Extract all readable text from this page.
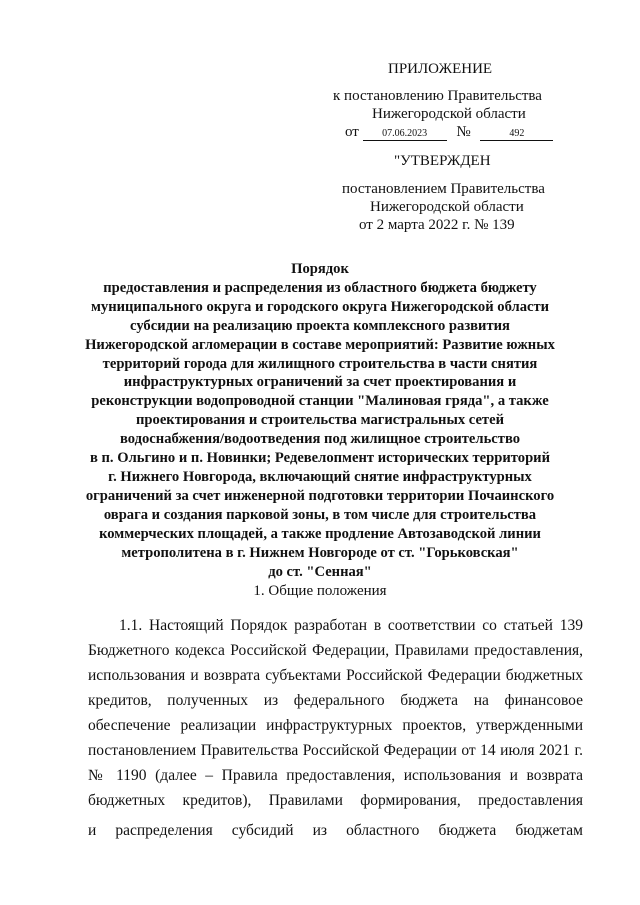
ПРИЛОЖЕНИЕ
к постановлению Правительства
Нижегородской области
от 07.06.2023 №	492
"УТВЕРЖДЕН
постановлением Правительства
Нижегородской области
от 2 марта 2022 г. № 139
Порядок
предоставления и распределения из областного бюджета бюджету
муниципального округа и городского округа Нижегородской области
субсидии на реализацию проекта комплексного развития
Нижегородской агломерации в составе мероприятий: Развитие южных
территорий города для жилищного строительства в части снятия
инфраструктурных ограничений за счет проектирования и
реконструкции водопроводной станции "Малиновая гряда", а также
проектирования и строительства магистральных сетей
водоснабжения/водоотведения под жилищное строительство
в п. Ольгино и п. Новинки; Редевелопмент исторических территорий
г. Нижнего Новгорода, включающий снятие инфраструктурных
ограничений за счет инженерной подготовки территории Почаинского
оврага и создания парковой зоны, в том числе для строительства
коммерческих площадей, а также продление Автозаводской линии
метрополитена в г. Нижнем Новгороде от ст. "Горьковская"
до ст. "Сенная"
1. Общие положения
1.1. Настоящий Порядок разработан в соответствии со статьей 139
Бюджетного кодекса Российской Федерации, Правилами предоставления,
использования и возврата субъектами Российской Федерации бюджетных
кредитов, полученных из федерального бюджета на финансовое
обеспечение реализации инфраструктурных проектов, утвержденными
постановлением Правительства Российской Федерации от 14 июля 2021 г.
№ 1190 (далее – Правила предоставления, использования и возврата
бюджетных кредитов), Правилами формирования, предоставления
и распределения субсидий из областного бюджета бюджетам
